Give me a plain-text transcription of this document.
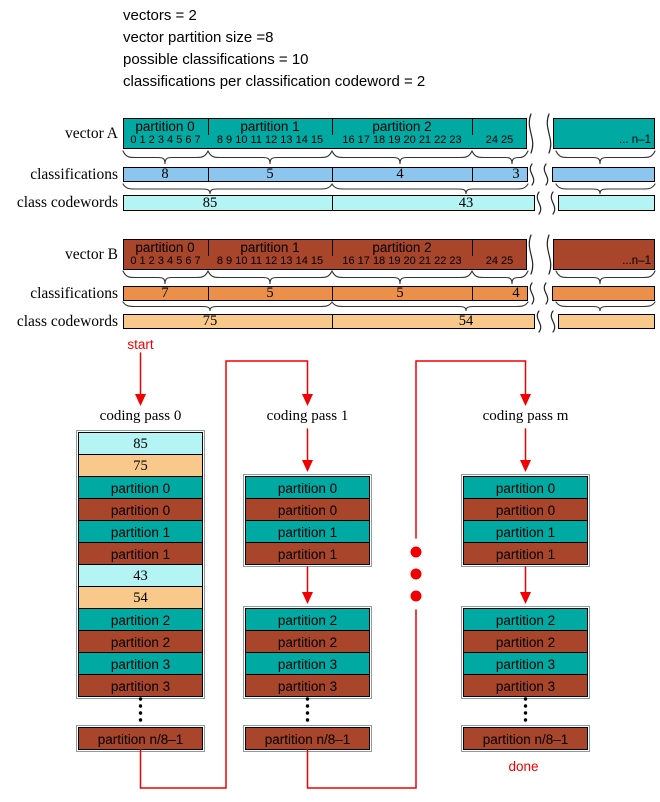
vectors = 2
vector partition size =8
possible classifications = 10
classifications per classification codeword = 2
vector A
classifications
class codewords
partition 0
0 1 2 3 4 5 6 7
partition 1
8 9 10 11 12 13 14 15
partition 2
16 17 18 19 20 21 22 23	24 25	... n–1
8	5	4	3
85	43
vector B
classifications
class codewords
partition 0
0 1 2 3 4 5 6 7
partition 1
8 9 10 11 12 13 14 15
partition 2
16 17 18 19 20 21 22 23	24 25	...n–1
7	5	5	4
75	54
start
done
coding pass 0
85
75
partition 0
partition 0
partition 1
partition 1
43
54
partition 2
partition 2
partition 3
partition 3
partition n/8–1
coding pass 1
partition 0
partition 0
partition 1
partition 1
partition 2
partition 2
partition 3
partition 3
partition n/8–1
coding pass m
partition 0
partition 0
partition 1
partition 1
partition 2
partition 2
partition 3
partition 3
partition n/8–1
